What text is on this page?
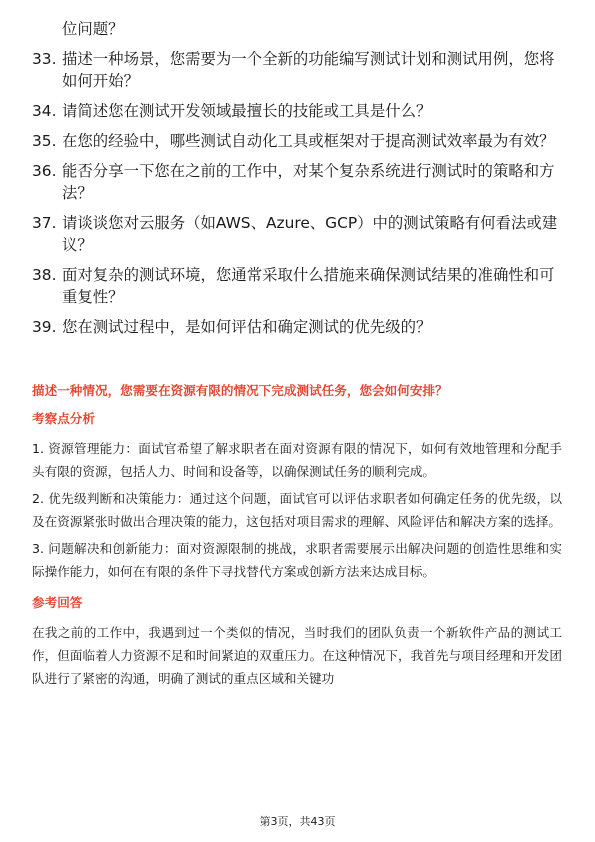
位问题？
33. 描述一种场景，您需要为一个全新的功能编写测试计划和测试用例，您将如何开始？
34. 请简述您在测试开发领域最擅长的技能或工具是什么？
35. 在您的经验中，哪些测试自动化工具或框架对于提高测试效率最为有效？
36. 能否分享一下您在之前的工作中，对某个复杂系统进行测试时的策略和方法？
37. 请谈谈您对云服务（如AWS、Azure、GCP）中的测试策略有何看法或建议？
38. 面对复杂的测试环境，您通常采取什么措施来确保测试结果的准确性和可重复性？
39. 您在测试过程中，是如何评估和确定测试的优先级的？
描述一种情况，您需要在资源有限的情况下完成测试任务，您会如何安排？
考察点分析
1. 资源管理能力：面试官希望了解求职者在面对资源有限的情况下，如何有效地管理和分配手头有限的资源，包括人力、时间和设备等，以确保测试任务的顺利完成。
2. 优先级判断和决策能力：通过这个问题，面试官可以评估求职者如何确定任务的优先级，以及在资源紧张时做出合理决策的能力，这包括对项目需求的理解、风险评估和解决方案的选择。
3. 问题解决和创新能力：面对资源限制的挑战，求职者需要展示出解决问题的创造性思维和实际操作能力，如何在有限的条件下寻找替代方案或创新方法来达成目标。
参考回答
在我之前的工作中，我遇到过一个类似的情况，当时我们的团队负责一个新软件产品的测试工作，但面临着人力资源不足和时间紧迫的双重压力。在这种情况下，我首先与项目经理和开发团队进行了紧密的沟通，明确了测试的重点区域和关键功
第3页，共43页
